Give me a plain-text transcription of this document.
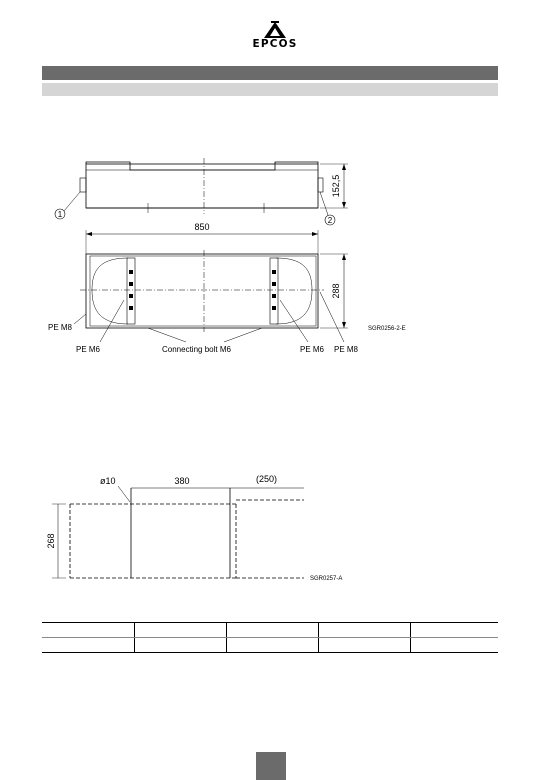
EPCOS
152,5
1
2
850
288
PE M8
PE M6	Connecting bolt M6	PE M6 PE M8
SGR0256-2-E
ø10	380	(250)
268
SGR0257-A
